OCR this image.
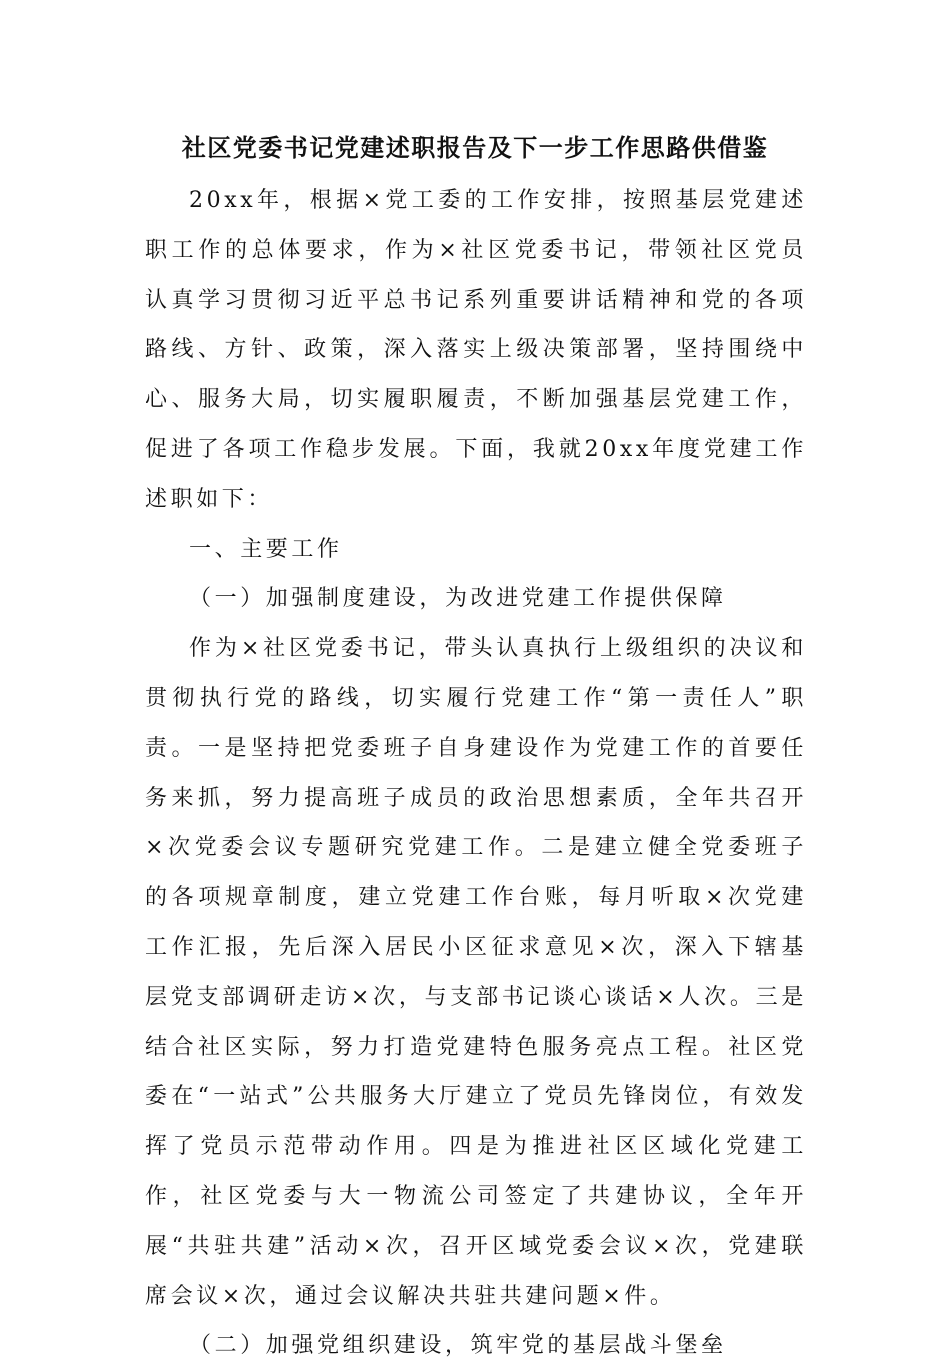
社区党委书记党建述职报告及下一步工作思路供借鉴

20xx年，根据×党工委的工作安排，按照基层党建述职工作的总体要求，作为×社区党委书记，带领社区党员认真学习贯彻习近平总书记系列重要讲话精神和党的各项路线、方针、政策，深入落实上级决策部署，坚持围绕中心、服务大局，切实履职履责，不断加强基层党建工作，促进了各项工作稳步发展。下面，我就20xx年度党建工作述职如下：

一、主要工作

（一）加强制度建设，为改进党建工作提供保障

作为×社区党委书记，带头认真执行上级组织的决议和贯彻执行党的路线，切实履行党建工作“第一责任人”职责。一是坚持把党委班子自身建设作为党建工作的首要任务来抓，努力提高班子成员的政治思想素质，全年共召开×次党委会议专题研究党建工作。二是建立健全党委班子的各项规章制度，建立党建工作台账，每月听取×次党建工作汇报，先后深入居民小区征求意见×次，深入下辖基层党支部调研走访×次，与支部书记谈心谈话×人次。三是结合社区实际，努力打造党建特色服务亮点工程。社区党委在“一站式”公共服务大厅建立了党员先锋岗位，有效发挥了党员示范带动作用。四是为推进社区区域化党建工作，社区党委与大一物流公司签定了共建协议，全年开展“共驻共建”活动×次，召开区域党委会议×次，党建联席会议×次，通过会议解决共驻共建问题×件。

（二）加强党组织建设，筑牢党的基层战斗堡垒
